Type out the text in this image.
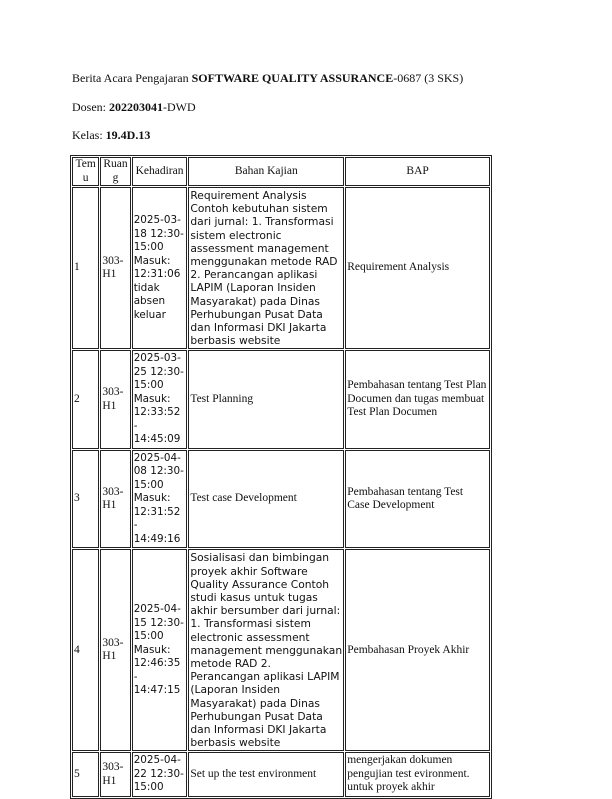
Berita Acara Pengajaran SOFTWARE QUALITY ASSURANCE-0687 (3 SKS)
Dosen: 202203041-DWD
Kelas: 19.4D.13
Temu	Ruang	Kehadiran	Bahan Kajian	BAP
1	303-H1	2025-03-18 12:30-15:00 Masuk: 12:31:06 tidak absen keluar	Requirement Analysis Contoh kebutuhan sistem dari jurnal: 1. Transformasi sistem electronic assessment management menggunakan metode RAD 2. Perancangan aplikasi LAPIM (Laporan Insiden Masyarakat) pada Dinas Perhubungan Pusat Data dan Informasi DKI Jakarta berbasis website	Requirement Analysis
2	303-H1	2025-03-25 12:30-15:00 Masuk: 12:33:52 - 14:45:09	Test Planning	Pembahasan tentang Test Plan Documen dan tugas membuat Test Plan Documen
3	303-H1	2025-04-08 12:30-15:00 Masuk: 12:31:52 - 14:49:16	Test case Development	Pembahasan tentang Test Case Development
4	303-H1	2025-04-15 12:30-15:00 Masuk: 12:46:35 - 14:47:15	Sosialisasi dan bimbingan proyek akhir Software Quality Assurance Contoh studi kasus untuk tugas akhir bersumber dari jurnal: 1. Transformasi sistem electronic assessment management menggunakan metode RAD 2. Perancangan aplikasi LAPIM (Laporan Insiden Masyarakat) pada Dinas Perhubungan Pusat Data dan Informasi DKI Jakarta berbasis website	Pembahasan Proyek Akhir
5	303-H1	2025-04-22 12:30-15:00	Set up the test environment	mengerjakan dokumen pengujian test evironment. untuk proyek akhir
